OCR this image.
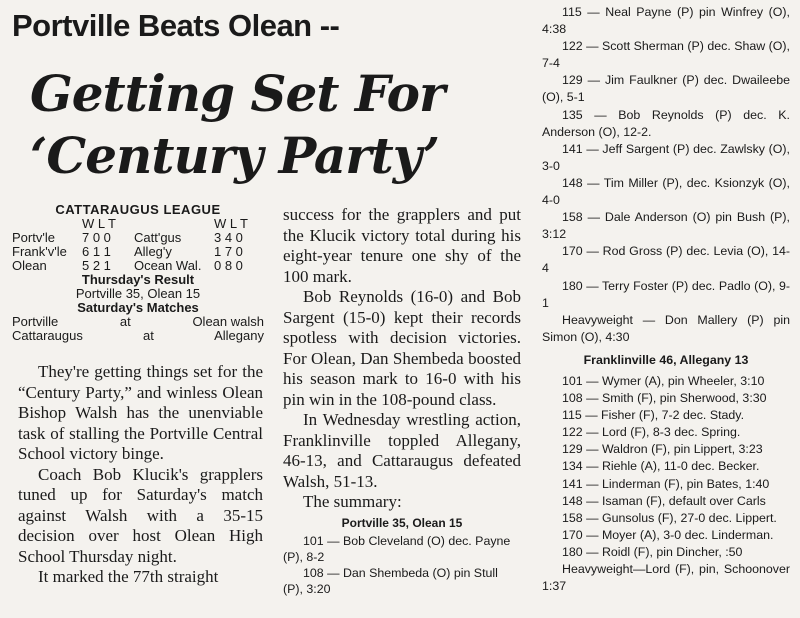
Portville Beats Olean --
Getting Set For
‘Century Party’
CATTARAUGUS LEAGUE
W L T	W L T
Portv'le	7 0 0	Catt'gus	3 4 0
Frank'v'le	6 1 1	Alleg'y	1 7 0
Olean	5 2 1	Ocean Wal. 0 8 0
Thursday's Result
Portville 35, Olean 15
Saturday's Matches
Portville	at	Olean walsh
Cattaraugus	at	Allegany

They're getting things set for the “Century Party,” and winless Olean Bishop Walsh has the unenviable task of stalling the Portville Central School victory binge.

Coach Bob Klucik's grapplers tuned up for Saturday's match against Walsh with a 35-15 decision over host Olean High School Thursday night.

It marked the 77th straight

success for the grapplers and put the Klucik victory total during his eight-year tenure one shy of the 100 mark.

Bob Reynolds (16-0) and Bob Sargent (15-0) kept their records spotless with decision victories. For Olean, Dan Shembeda boosted his season mark to 16-0 with his pin win in the 108-pound class.

In Wednesday wrestling action, Franklinville toppled Allegany, 46-13, and Cattaraugus defeated Walsh, 51-13.

The summary:

Portville 35, Olean 15

101 — Bob Cleveland (O) dec. Payne (P), 8-2

108 — Dan Shembeda (O) pin Stull (P), 3:20

115 — Neal Payne (P) pin Winfrey (O), 4:38

122 — Scott Sherman (P) dec. Shaw (O), 7-4

129 — Jim Faulkner (P) dec. Dwaileebe (O), 5-1

135 — Bob Reynolds (P) dec. K. Anderson (O), 12-2.

141 — Jeff Sargent (P) dec. Zawlsky (O), 3-0

148 — Tim Miller (P), dec. Ksionzyk (O), 4-0

158 — Dale Anderson (O) pin Bush (P), 3:12

170 — Rod Gross (P) dec. Levia (O), 14-4

180 — Terry Foster (P) dec. Padlo (O), 9-1

Heavyweight — Don Mallery (P) pin Simon (O), 4:30

Franklinville 46, Allegany 13

101 — Wymer (A), pin Wheeler, 3:10

108 — Smith (F), pin Sherwood, 3:30

115 — Fisher (F), 7-2 dec. Stady.

122 — Lord (F), 8-3 dec. Spring.

129 — Waldron (F), pin Lippert, 3:23

134 — Riehle (A), 11-0 dec. Becker.

141 — Linderman (F), pin Bates, 1:40

148 — Isaman (F), default over Carls

158 — Gunsolus (F), 27-0 dec. Lippert.

170 — Moyer (A), 3-0 dec. Linderman.

180 — Roidl (F), pin Dincher, :50

Heavyweight—Lord (F), pin, Schoonover 1:37
